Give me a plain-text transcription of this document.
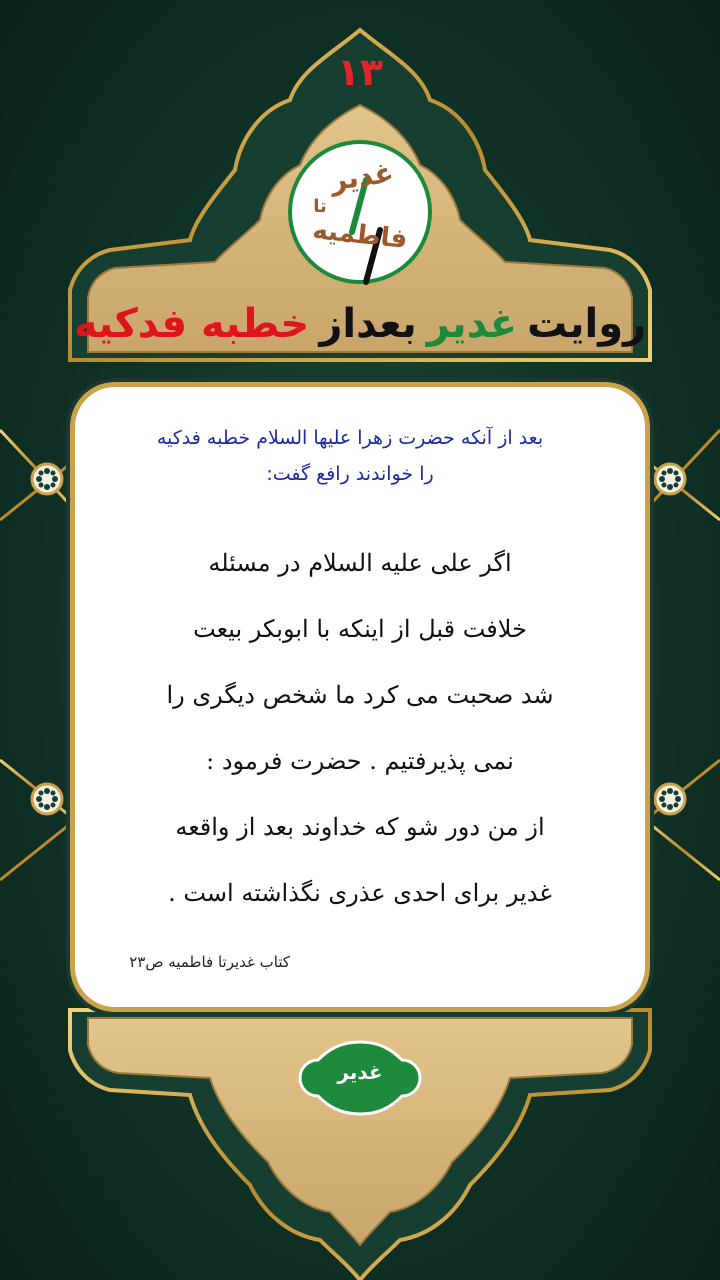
۱۳
غدیر
تا
فاطمیه
روایت
غدیر
بعداز
خطبه فدکیه
بعد از آنکه حضرت زهرا علیها السلام خطبه فدکیه
را خواندند رافع گفت:
اگر علی علیه السلام در مسئله
خلافت قبل از اینکه با ابوبکر بیعت
شد صحبت می کرد ما شخص دیگری را
نمی پذیرفتیم . حضرت فرمود :
از من دور شو که خداوند بعد از واقعه
غدیر برای احدی عذری نگذاشته است .
کتاب غدیرتا فاطمیه ص۲۳
غدیر
